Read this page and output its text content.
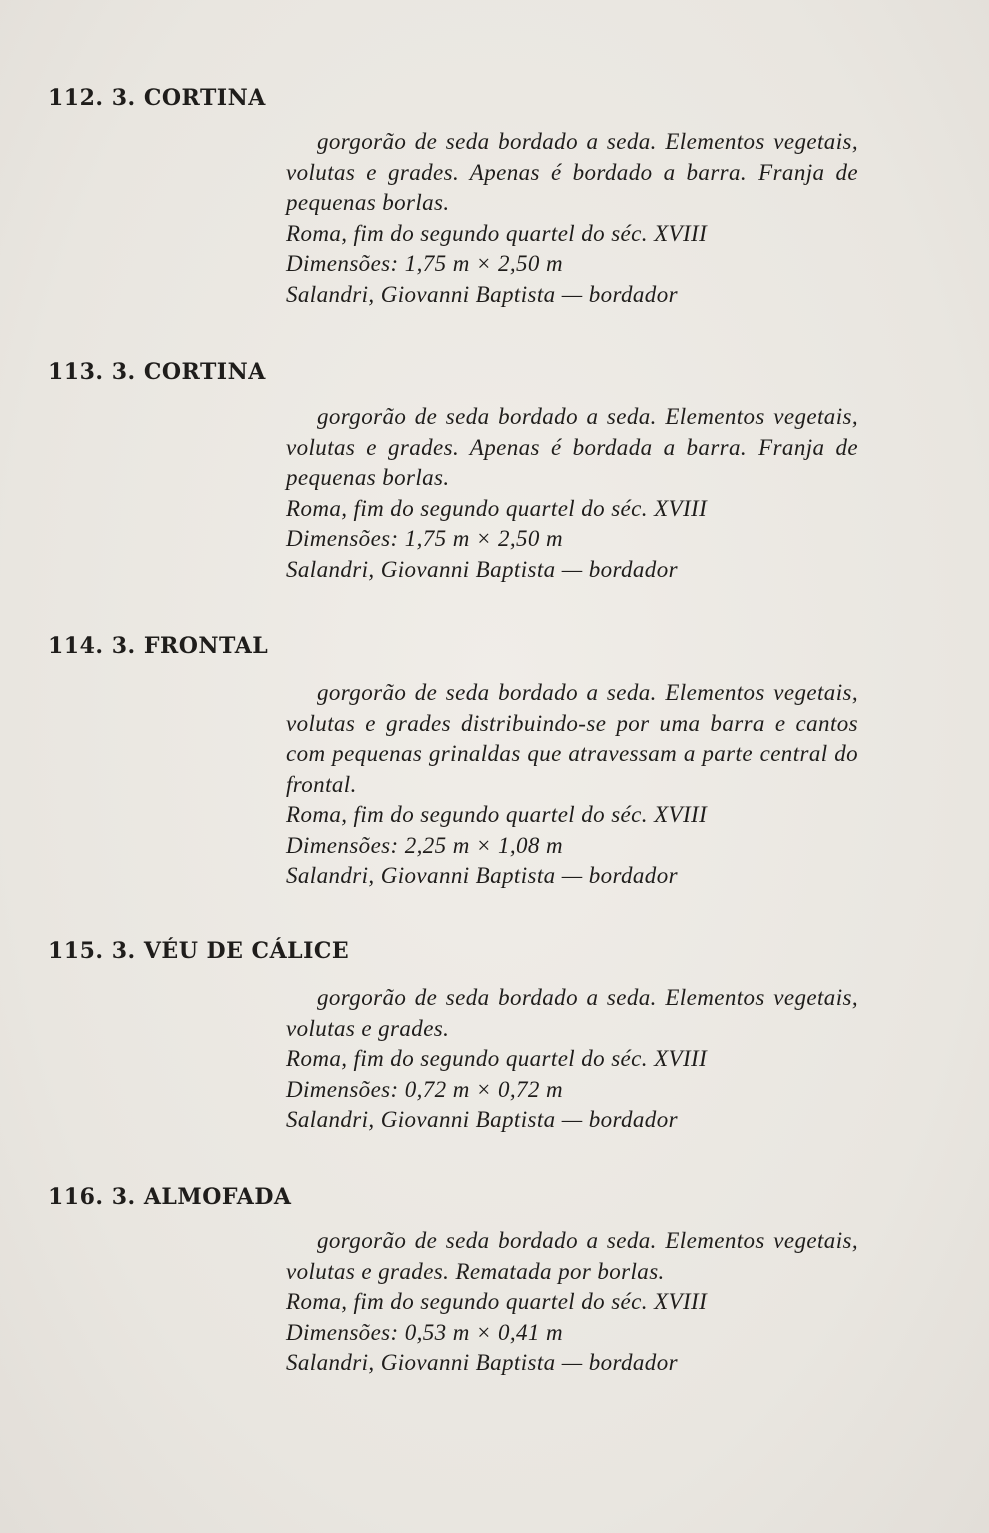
112. 3. CORTINA

gorgorão de seda bordado a seda. Elementos vegetais, volutas e grades. Apenas é bordado a barra. Franja de pequenas borlas.

Roma, fim do segundo quartel do séc. XVIII

Dimensões: 1,75 m × 2,50 m

Salandri, Giovanni Baptista — bordador

113. 3. CORTINA

gorgorão de seda bordado a seda. Elementos vegetais, volutas e grades. Apenas é bordada a barra. Franja de pequenas borlas.

Roma, fim do segundo quartel do séc. XVIII

Dimensões: 1,75 m × 2,50 m

Salandri, Giovanni Baptista — bordador

114. 3. FRONTAL

gorgorão de seda bordado a seda. Elementos vegetais, volutas e grades distribuindo-se por uma barra e cantos com pequenas grinaldas que atravessam a parte central do frontal.

Roma, fim do segundo quartel do séc. XVIII

Dimensões: 2,25 m × 1,08 m

Salandri, Giovanni Baptista — bordador

115. 3. VÉU DE CÁLICE

gorgorão de seda bordado a seda. Elementos vegetais, volutas e grades.

Roma, fim do segundo quartel do séc. XVIII

Dimensões: 0,72 m × 0,72 m

Salandri, Giovanni Baptista — bordador

116. 3. ALMOFADA

gorgorão de seda bordado a seda. Elementos vegetais, volutas e grades. Rematada por borlas.

Roma, fim do segundo quartel do séc. XVIII

Dimensões: 0,53 m × 0,41 m

Salandri, Giovanni Baptista — bordador
